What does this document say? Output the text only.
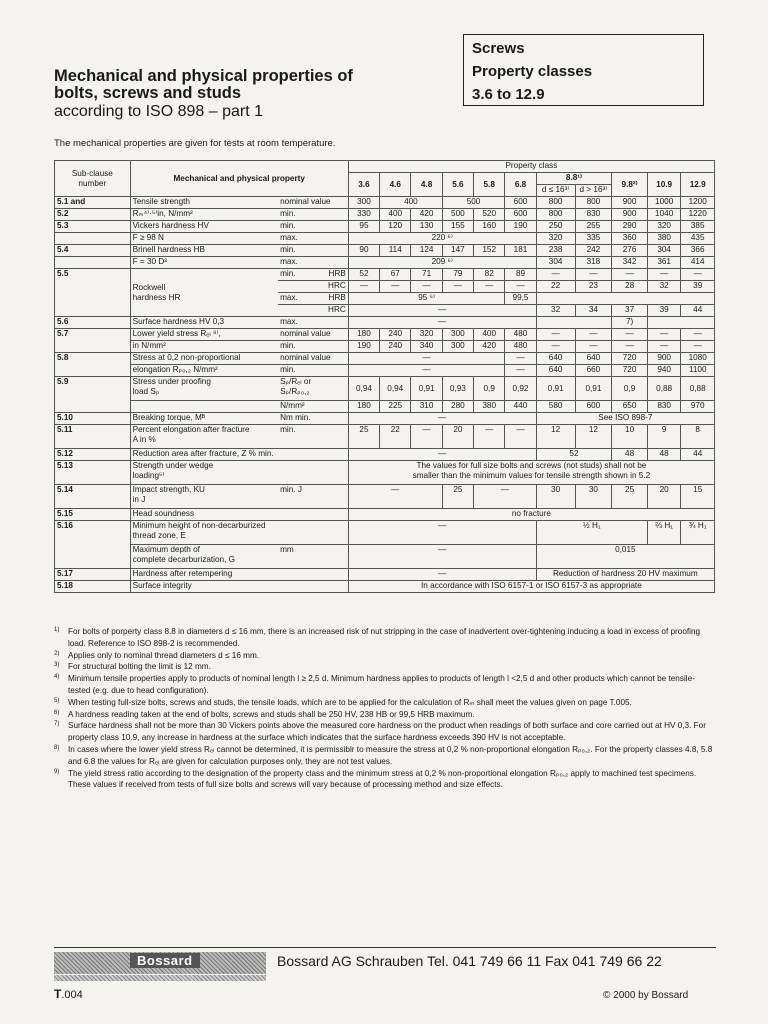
Mechanical and physical properties of
bolts, screws and studs
according to ISO 898 – part 1
Screws
Property classes
3.6 to 12.9
The mechanical properties are given for tests at room temperature.
Sub-clause number	Mechanical and physical property		Property class										
			3.6	4.6	4.8	5.6	5.8	6.8	8.8¹⁾		9.8²⁾	10.9	12.9
									d ≤ 16³⁾	d > 16³⁾			
5.1 and	Tensile strength	nominal value	300	400		500		600	800	800	900	1000	1200
5.2	Rₘ⁴⁾·⁵⁾in, N/mm²	min.	330	400	420	500	520	600	800	830	900	1040	1220
5.3	Vickers hardness HV	min.	95	120	130	155	160	190	250	255	290	320	385
	F ≥ 98 N	max.	220 ⁶⁾						320	335	360	380	435
5.4	Brinell hardness HB	min.	90	114	124	147	152	181	238	242	276	304	366
	F = 30 D²	max.	209 ⁶⁾						304	318	342	361	414
5.5	Rockwell
hardness HR	min. HRB	52	67	71	79	82	89	—	—	—	—	—
		HRC	—	—	—	—	—	—	22	23	28	32	39
		max. HRB	95 ⁶⁾					99,5					
		HRC	—						32	34	37	39	44
5.6	Surface hardness HV 0,3	max.	—								7)		
5.7	Lower yield stress Rₑₗ ⁸⁾,	nominal value	180	240	320	300	400	480	—	—	—	—	—
	in N/mm²	min.	190	240	340	300	420	480	—	—	—	—	—
5.8	Stress at 0,2 non-proportional	nominal value	—					—	640	640	720	900	1080
	elongation Rₚ₀,₂ N/mm²	min.	—					—	640	660	720	940	1100
5.9	Stress under proofing
load Sₚ	Sₚ/Rₑₗ or
Sₚ/Rₚ₀,₂	0,94	0,94	0,91	0,93	0,9	0,92	0,91	0,91	0,9	0,88	0,88
		N/mm²	180	225	310	280	380	440	580	600	650	830	970
5.10	Breaking torque, Mᴮ	Nm min.	—						See ISO 898-7				
5.11	Percent elongation after fracture
A in %	min.	25	22	—	20	—	—	12	12	10	9	8
5.12	Reduction area after fracture, Z % min.		—						52		48	48	44
5.13	Strength under wedge
loading⁵⁾		The values for full size bolts and screws (not studs) shall not be
smaller than the minimum values for tensile strength shown in 5.2										
5.14	Impact strength, KU
in J	min. J	—			25	—		30	30	25	20	15
5.15	Head soundness		no fracture										
5.16	Minimum height of non-decarburized
thread zone, E		—						½ H₁			⅔ H₁	¾ H₁
	Maximum depth of
complete decarburization, G	mm	—						0,015				
5.17	Hardness after retempering		—						Reduction of hardness 20 HV maximum				
5.18	Surface integrity		In accordance with ISO 6157-1 or ISO 6157-3 as appropriate										
1) For bolts of porperty class 8.8 in diameters d ≤ 16 mm, there is an increased risk of nut stripping in the case of inadvertent over-tightening inducing a load in excess of proofing load. Reference to ISO 898-2 is recommended.
2) Applies only to nominal thread diameters d ≤ 16 mm.
3) For structural bolting the limit is 12 mm.
4) Minimum tensile properties apply to products of nominal length l ≥ 2,5 d. Minimum hardness applies to products of length l <2,5 d and other products which cannot be tensile-tested (e.g. due to head configuration).
5) When testing full-size bolts, screws and studs, the tensile loads, which are to be applied for the calculation of Rₘ shall meet the values given on page T.005.
6) A hardness reading taken at the end of bolts, screws and studs shall be 250 HV, 238 HB or 99,5 HRB maximum.
7) Surface hardness shall not be more than 30 Vickers points above the measured core hardness on the product when readings of both surface and core carried out at HV 0,3. For property class 10.9, any increase in hardness at the surface which indicates that the surface hardness exceeds 390 HV is not acceptable.
8) In cases where the lower yield stress Rₑₗ cannot be determined, it is permissiblr to measure the stress at 0,2 % non-proportional elongation Rₚ₀,₂. For the property classes 4.8, 5.8 and 6.8 the values for Rₑₗ are given for calculation purposes only, they are not test values.
9) The yield stress ratio according to the designation of the property class and the minimum stress at 0,2 % non-proportional elongation Rₚ₀,₂ apply to machined test specimens. These values if received from tests of full size bolts and screws will vary because of processing method and size effects.
Bossard	Bossard AG Schrauben Tel. 041 749 66 11 Fax 041 749 66 22
T.004	© 2000 by Bossard
